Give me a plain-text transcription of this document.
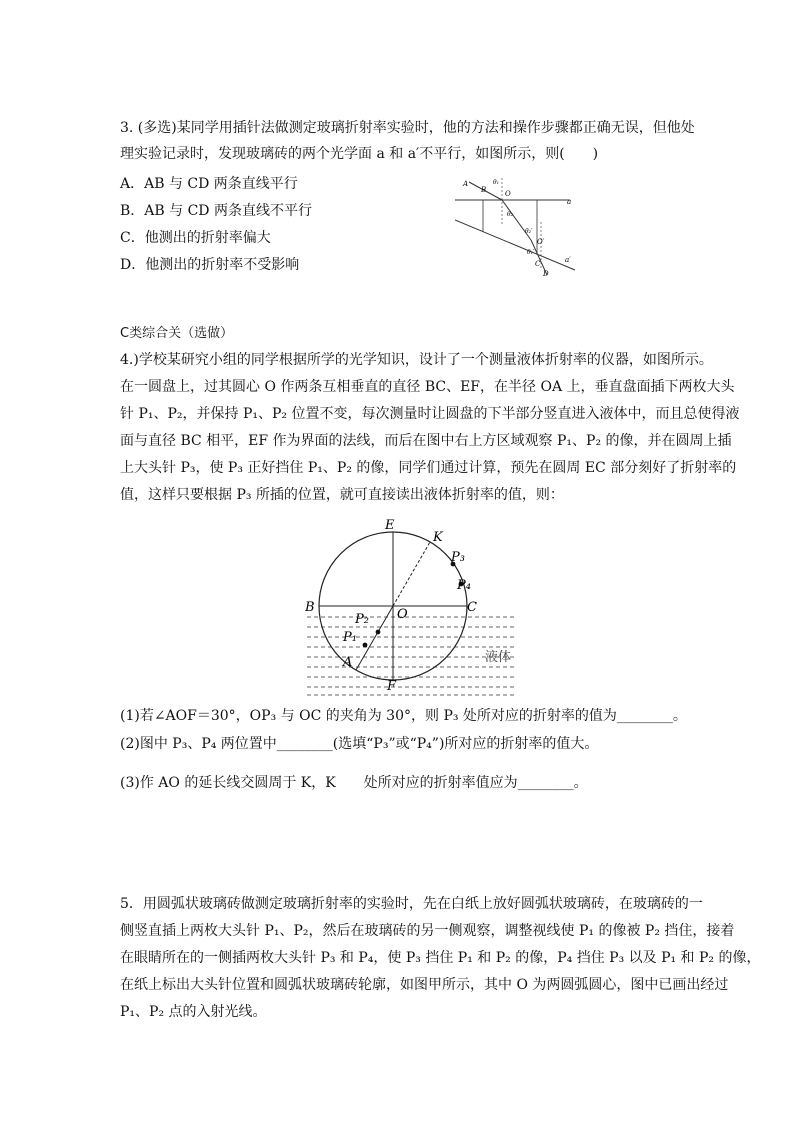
3. (多选)某同学用插针法做测定玻璃折射率实验时，他的方法和操作步骤都正确无误，但他处
理实验记录时，发现玻璃砖的两个光学面 a 和 a′不平行，如图所示，则(　　)
A．AB 与 CD 两条直线平行
B．AB 与 CD 两条直线不平行
C．他测出的折射率偏大
D．他测出的折射率不受影响
A
B	O
θ₁
θ₂
a
θ₂′
O′
θ₁′
a′
C
D
C类综合关（选做）
4.)学校某研究小组的同学根据所学的光学知识，设计了一个测量液体折射率的仪器，如图所示。
在一圆盘上，过其圆心 O 作两条互相垂直的直径 BC、EF，在半径 OA 上，垂直盘面插下两枚大头
针 P₁、P₂，并保持 P₁、P₂ 位置不变，每次测量时让圆盘的下半部分竖直进入液体中，而且总使得液
面与直径 BC 相平，EF 作为界面的法线，而后在图中右上方区域观察 P₁、P₂ 的像，并在圆周上插
上大头针 P₃，使 P₃ 正好挡住 P₁、P₂ 的像，同学们通过计算，预先在圆周 EC 部分刻好了折射率的
值，这样只要根据 P₃ 所插的位置，就可直接读出液体折射率的值，则：
E
K
P₃
P₄
B	O	C
P₂
P₁
A
F
液体
(1)若∠AOF＝30°，OP₃ 与 OC 的夹角为 30°，则 P₃ 处所对应的折射率的值为________。
(2)图中 P₃、P₄ 两位置中________(选填“P₃”或“P₄”)所对应的折射率的值大。
(3)作 AO 的延长线交圆周于 K，K　　处所对应的折射率值应为________。
5．用圆弧状玻璃砖做测定玻璃折射率的实验时，先在白纸上放好圆弧状玻璃砖，在玻璃砖的一
侧竖直插上两枚大头针 P₁、P₂，然后在玻璃砖的另一侧观察，调整视线使 P₁ 的像被 P₂ 挡住，接着
在眼睛所在的一侧插两枚大头针 P₃ 和 P₄，使 P₃ 挡住 P₁ 和 P₂ 的像，P₄ 挡住 P₃ 以及 P₁ 和 P₂ 的像，
在纸上标出大头针位置和圆弧状玻璃砖轮廓，如图甲所示，其中 O 为两圆弧圆心，图中已画出经过
P₁、P₂ 点的入射光线。
